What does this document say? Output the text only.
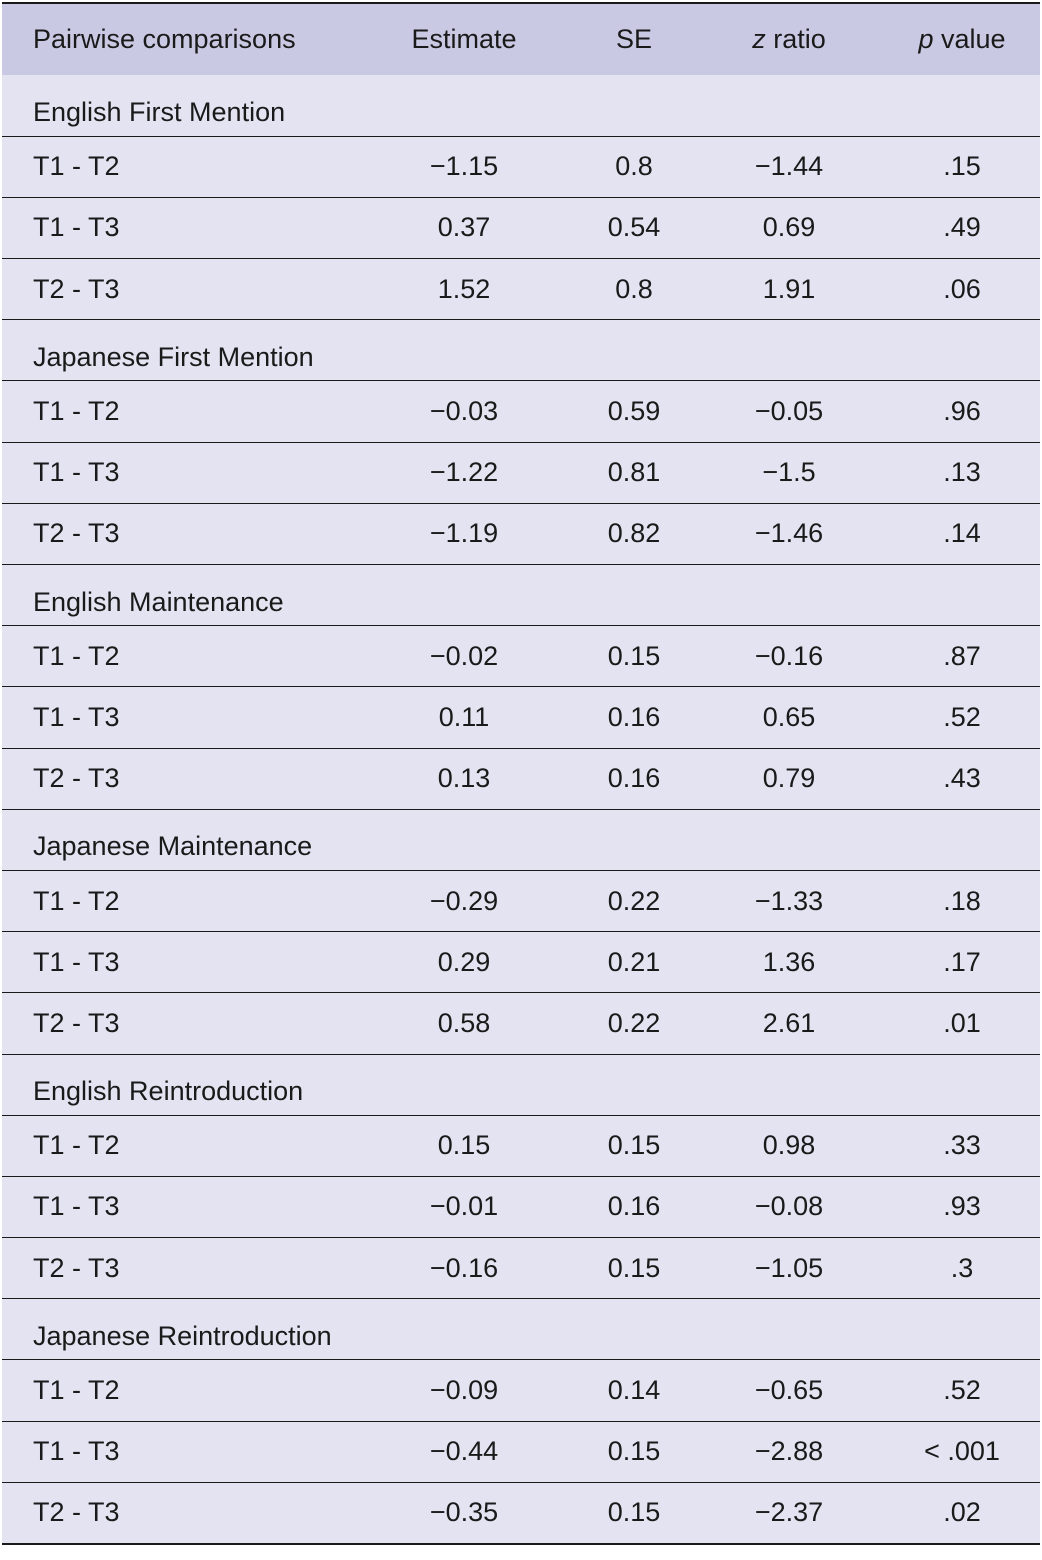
Pairwise comparisons	Estimate	SE	z ratio	p value
English First Mention				
T1 - T2	−1.15	0.8	−1.44	.15
T1 - T3	0.37	0.54	0.69	.49
T2 - T3	1.52	0.8	1.91	.06
Japanese First Mention				
T1 - T2	−0.03	0.59	−0.05	.96
T1 - T3	−1.22	0.81	−1.5	.13
T2 - T3	−1.19	0.82	−1.46	.14
English Maintenance				
T1 - T2	−0.02	0.15	−0.16	.87
T1 - T3	0.11	0.16	0.65	.52
T2 - T3	0.13	0.16	0.79	.43
Japanese Maintenance				
T1 - T2	−0.29	0.22	−1.33	.18
T1 - T3	0.29	0.21	1.36	.17
T2 - T3	0.58	0.22	2.61	.01
English Reintroduction				
T1 - T2	0.15	0.15	0.98	.33
T1 - T3	−0.01	0.16	−0.08	.93
T2 - T3	−0.16	0.15	−1.05	.3
Japanese Reintroduction				
T1 - T2	−0.09	0.14	−0.65	.52
T1 - T3	−0.44	0.15	−2.88	< .001
T2 - T3	−0.35	0.15	−2.37	.02
